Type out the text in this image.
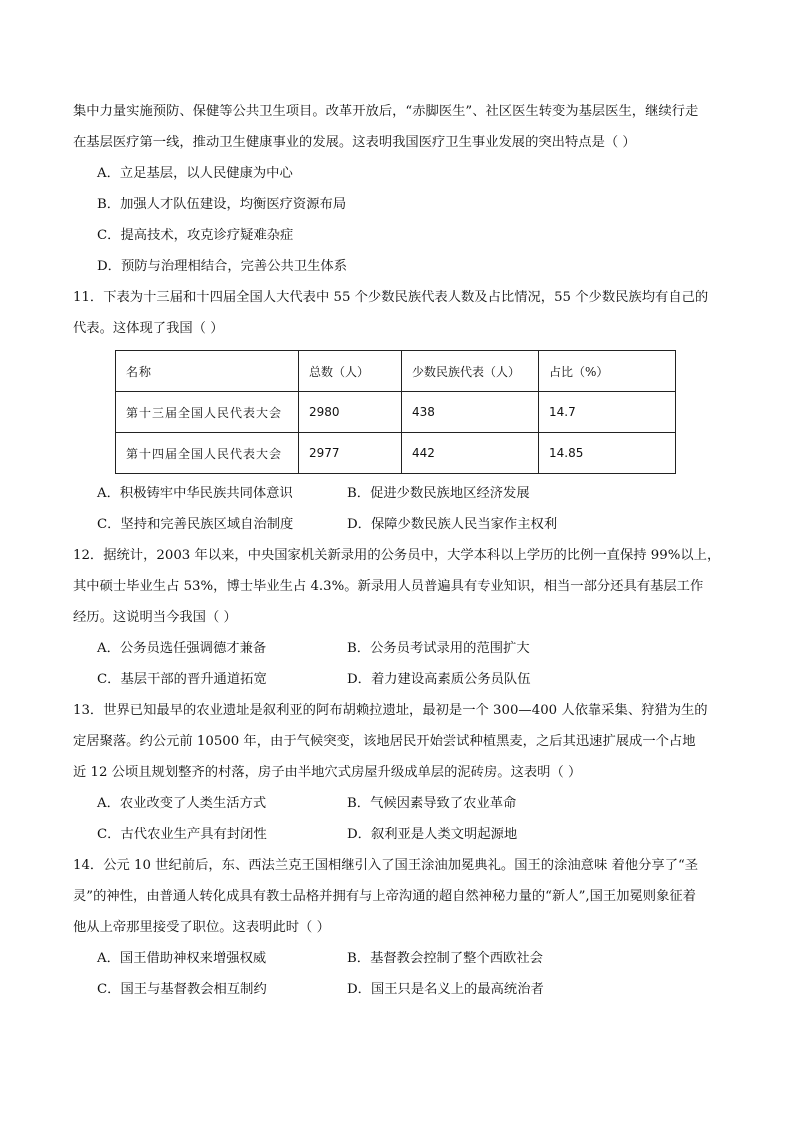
集中力量实施预防、保健等公共卫生项目。改革开放后，“赤脚医生”、社区医生转变为基层医生，继续行走
在基层医疗第一线，推动卫生健康事业的发展。这表明我国医疗卫生事业发展的突出特点是（ ）
A．立足基层，以人民健康为中心
B．加强人才队伍建设，均衡医疗资源布局
C．提高技术，攻克诊疗疑难杂症
D．预防与治理相结合，完善公共卫生体系
11．下表为十三届和十四届全国人大代表中 55 个少数民族代表人数及占比情况，55 个少数民族均有自己的
代表。这体现了我国（ ）
名称	总数（人）	少数民族代表（人）	占比（%）
第十三届全国人民代表大会	2980	438	14.7
第十四届全国人民代表大会	2977	442	14.85
A．积极铸牢中华民族共同体意识	B．促进少数民族地区经济发展
C．坚持和完善民族区域自治制度	D．保障少数民族人民当家作主权利
12．据统计，2003 年以来，中央国家机关新录用的公务员中，大学本科以上学历的比例一直保持 99%以上，
其中硕士毕业生占 53%，博士毕业生占 4.3%。新录用人员普遍具有专业知识，相当一部分还具有基层工作
经历。这说明当今我国（ ）
A．公务员选任强调德才兼备	B．公务员考试录用的范围扩大
C．基层干部的晋升通道拓宽	D．着力建设高素质公务员队伍
13．世界已知最早的农业遗址是叙利亚的阿布胡赖拉遗址，最初是一个 300—400 人依靠采集、狩猎为生的
定居聚落。约公元前 10500 年，由于气候突变，该地居民开始尝试种植黑麦，之后其迅速扩展成一个占地
近 12 公顷且规划整齐的村落，房子由半地穴式房屋升级成单层的泥砖房。这表明（ ）
A．农业改变了人类生活方式	B．气候因素导致了农业革命
C．古代农业生产具有封闭性	D．叙利亚是人类文明起源地
14．公元 10 世纪前后，东、西法兰克王国相继引入了国王涂油加冕典礼。国王的涂油意味 着他分享了“圣
灵”的神性，由普通人转化成具有教士品格并拥有与上帝沟通的超自然神秘力量的“新人”,国王加冕则象征着
他从上帝那里接受了职位。这表明此时（ ）
A．国王借助神权来增强权威	B．基督教会控制了整个西欧社会
C．国王与基督教会相互制约	D．国王只是名义上的最高统治者
